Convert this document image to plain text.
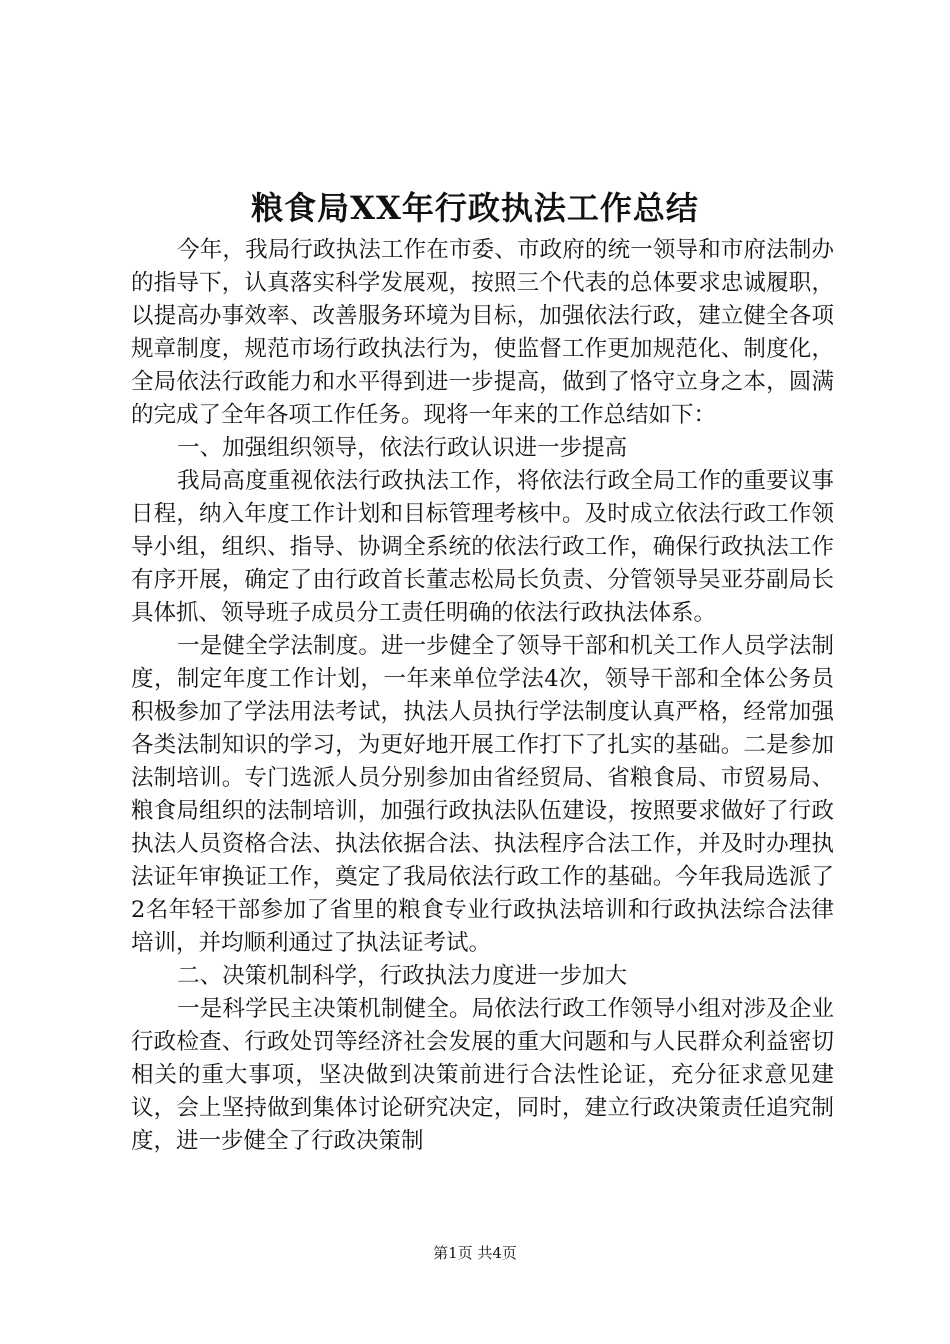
粮食局XX年行政执法工作总结

今年，我局行政执法工作在市委、市政府的统一领导和市府法制办的指导下，认真落实科学发展观，按照三个代表的总体要求忠诚履职，以提高办事效率、改善服务环境为目标，加强依法行政，建立健全各项规章制度，规范市场行政执法行为，使监督工作更加规范化、制度化，全局依法行政能力和水平得到进一步提高，做到了恪守立身之本，圆满的完成了全年各项工作任务。现将一年来的工作总结如下：

一、加强组织领导，依法行政认识进一步提高

我局高度重视依法行政执法工作，将依法行政全局工作的重要议事日程，纳入年度工作计划和目标管理考核中。及时成立依法行政工作领导小组，组织、指导、协调全系统的依法行政工作，确保行政执法工作有序开展，确定了由行政首长董志松局长负责、分管领导吴亚芬副局长具体抓、领导班子成员分工责任明确的依法行政执法体系。

一是健全学法制度。进一步健全了领导干部和机关工作人员学法制度，制定年度工作计划，一年来单位学法4次，领导干部和全体公务员积极参加了学法用法考试，执法人员执行学法制度认真严格，经常加强各类法制知识的学习，为更好地开展工作打下了扎实的基础。二是参加法制培训。专门选派人员分别参加由省经贸局、省粮食局、市贸易局、粮食局组织的法制培训，加强行政执法队伍建设，按照要求做好了行政执法人员资格合法、执法依据合法、执法程序合法工作，并及时办理执法证年审换证工作，奠定了我局依法行政工作的基础。今年我局选派了2名年轻干部参加了省里的粮食专业行政执法培训和行政执法综合法律培训，并均顺利通过了执法证考试。

二、决策机制科学，行政执法力度进一步加大

一是科学民主决策机制健全。局依法行政工作领导小组对涉及企业行政检查、行政处罚等经济社会发展的重大问题和与人民群众利益密切相关的重大事项，坚决做到决策前进行合法性论证，充分征求意见建议，会上坚持做到集体讨论研究决定，同时，建立行政决策责任追究制度，进一步健全了行政决策制

第1页 共4页
